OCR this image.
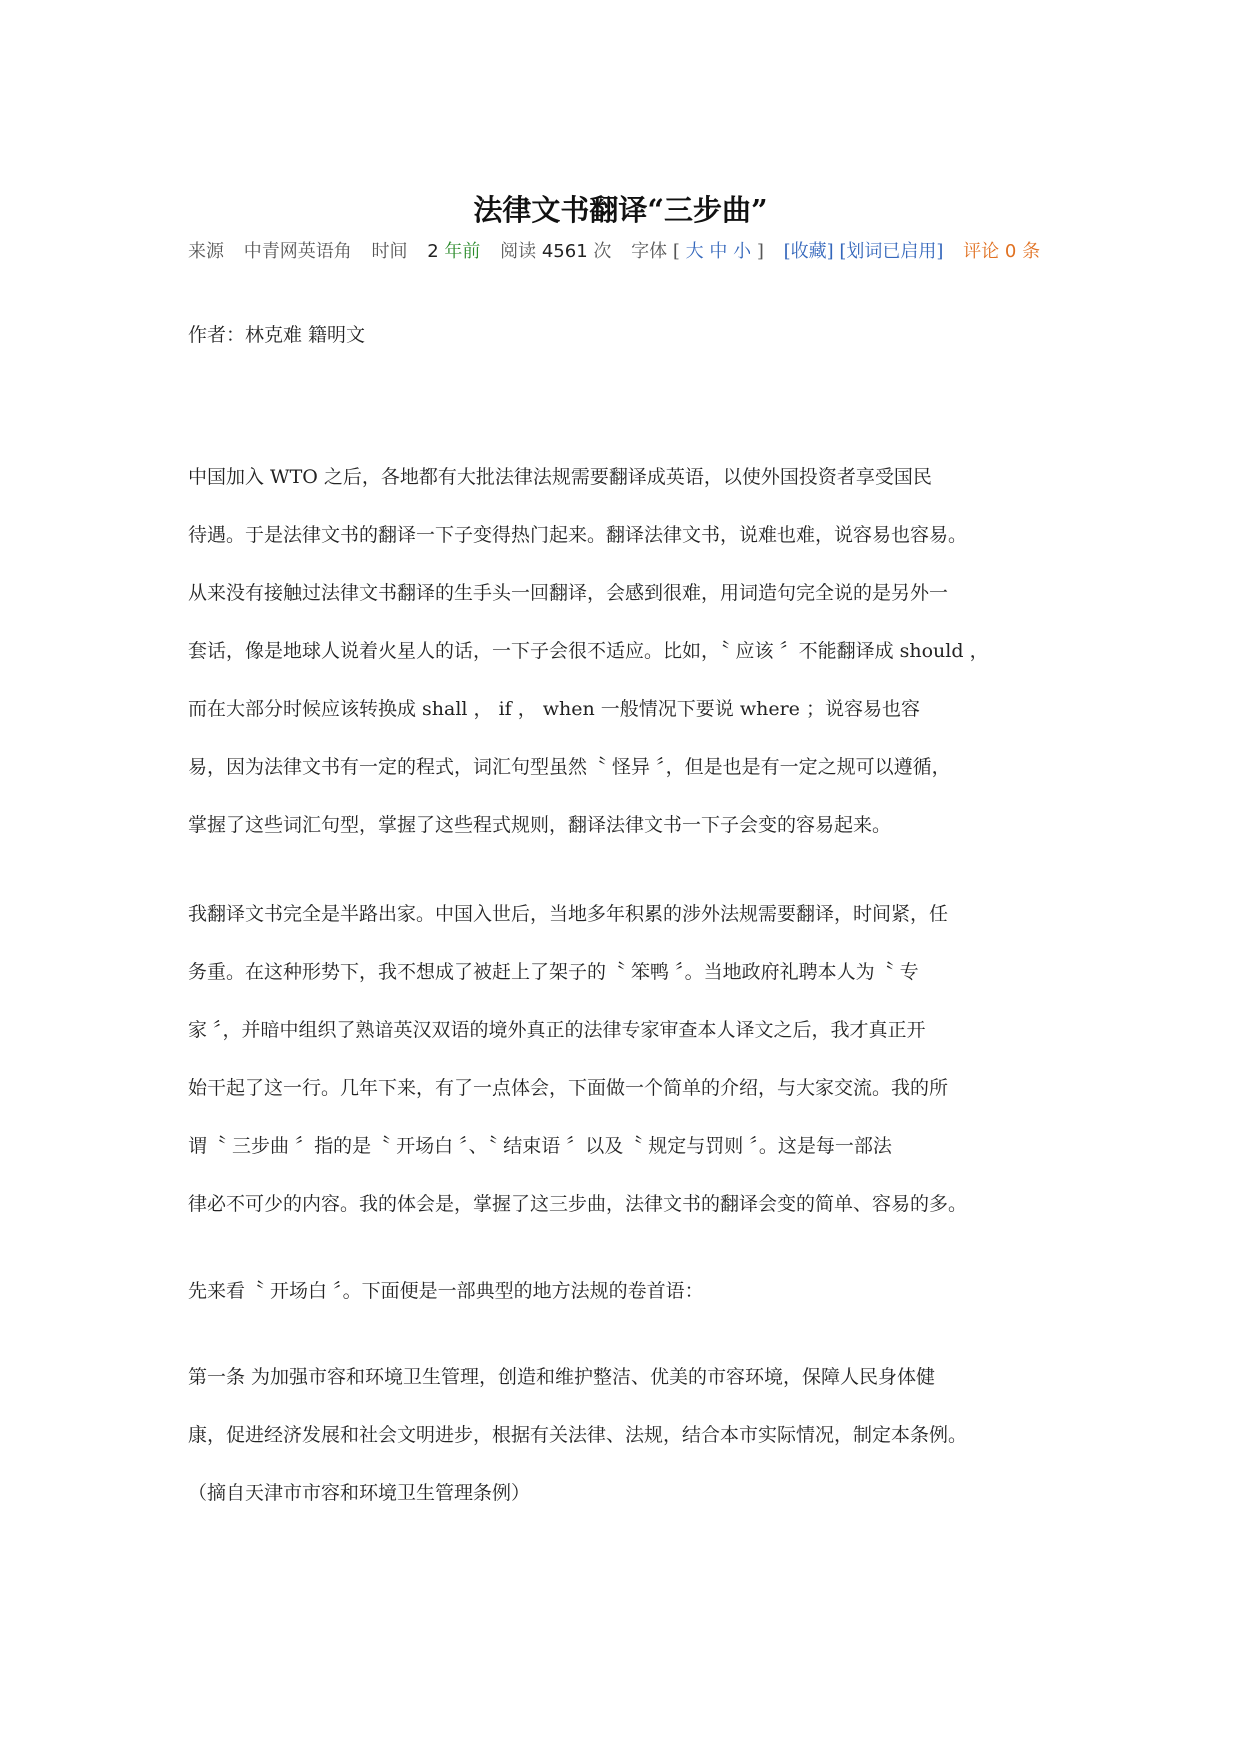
法律文书翻译“三步曲”
来源 中青网英语角 时间 2 年前 阅读 4561 次 字体 [ 大 中 小 ] [收藏] [划词已启用] 评论 0 条
作者：林克难 籍明文
中国加入 WTO 之后，各地都有大批法律法规需要翻译成英语，以使外国投资者享受国民
待遇。于是法律文书的翻译一下子变得热门起来。翻译法律文书，说难也难，说容易也容易。
从来没有接触过法律文书翻译的生手头一回翻译，会感到很难，用词造句完全说的是另外一
套话，像是地球人说着火星人的话，一下子会很不适应。比如，〝 应该 〞不能翻译成 should ，
而在大部分时候应该转换成 shall ， if ， when 一般情况下要说 where ；说容易也容
易，因为法律文书有一定的程式，词汇句型虽然〝 怪异 〞，但是也是有一定之规可以遵循，
掌握了这些词汇句型，掌握了这些程式规则，翻译法律文书一下子会变的容易起来。
我翻译文书完全是半路出家。中国入世后，当地多年积累的涉外法规需要翻译，时间紧，任
务重。在这种形势下，我不想成了被赶上了架子的〝 笨鸭 〞。当地政府礼聘本人为〝 专
家 〞，并暗中组织了熟谙英汉双语的境外真正的法律专家审查本人译文之后，我才真正开
始干起了这一行。几年下来，有了一点体会，下面做一个简单的介绍，与大家交流。我的所
谓〝 三步曲 〞指的是〝 开场白 〞、〝 结束语 〞以及〝 规定与罚则 〞。这是每一部法
律必不可少的内容。我的体会是，掌握了这三步曲，法律文书的翻译会变的简单、容易的多。
先来看〝 开场白 〞。下面便是一部典型的地方法规的卷首语：
第一条 为加强市容和环境卫生管理，创造和维护整洁、优美的市容环境，保障人民身体健
康，促进经济发展和社会文明进步，根据有关法律、法规，结合本市实际情况，制定本条例。
（摘自天津市市容和环境卫生管理条例）
